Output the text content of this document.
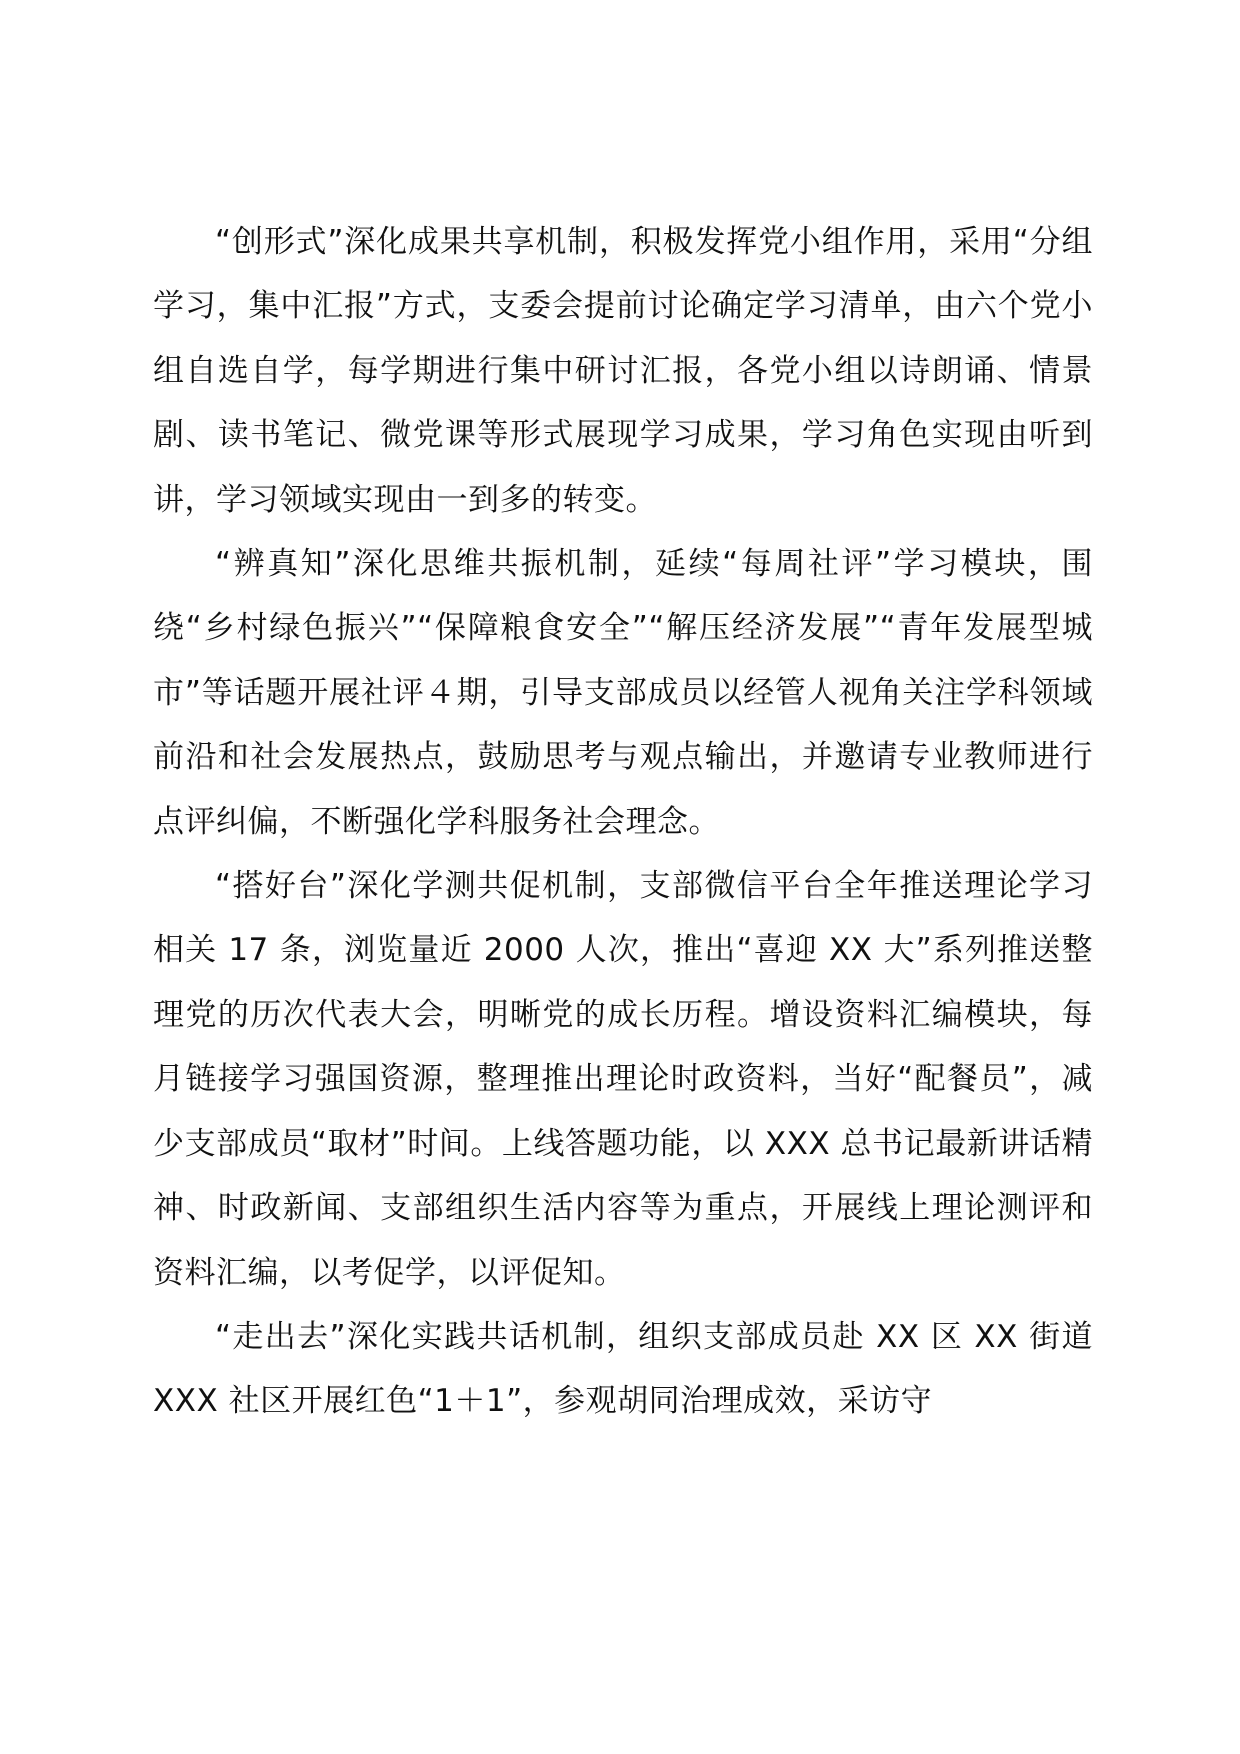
“创形式”深化成果共享机制，积极发挥党小组作用，采用“分组学习，集中汇报”方式，支委会提前讨论确定学习清单，由六个党小组自选自学，每学期进行集中研讨汇报，各党小组以诗朗诵、情景剧、读书笔记、微党课等形式展现学习成果，学习角色实现由听到讲，学习领域实现由一到多的转变。

“辨真知”深化思维共振机制，延续“每周社评”学习模块，围绕“乡村绿色振兴”“保障粮食安全”“解压经济发展”“青年发展型城市”等话题开展社评４期，引导支部成员以经管人视角关注学科领域前沿和社会发展热点，鼓励思考与观点输出，并邀请专业教师进行点评纠偏，不断强化学科服务社会理念。

“搭好台”深化学测共促机制，支部微信平台全年推送理论学习相关 17 条，浏览量近 2000 人次，推出“喜迎 XX 大”系列推送整理党的历次代表大会，明晰党的成长历程。增设资料汇编模块，每月链接学习强国资源，整理推出理论时政资料，当好“配餐员”，减少支部成员“取材”时间。上线答题功能，以 XXX 总书记最新讲话精神、时政新闻、支部组织生活内容等为重点，开展线上理论测评和资料汇编，以考促学，以评促知。

“走出去”深化实践共话机制，组织支部成员赴 XX 区 XX 街道 XXX 社区开展红色“1＋1”，参观胡同治理成效，采访守
